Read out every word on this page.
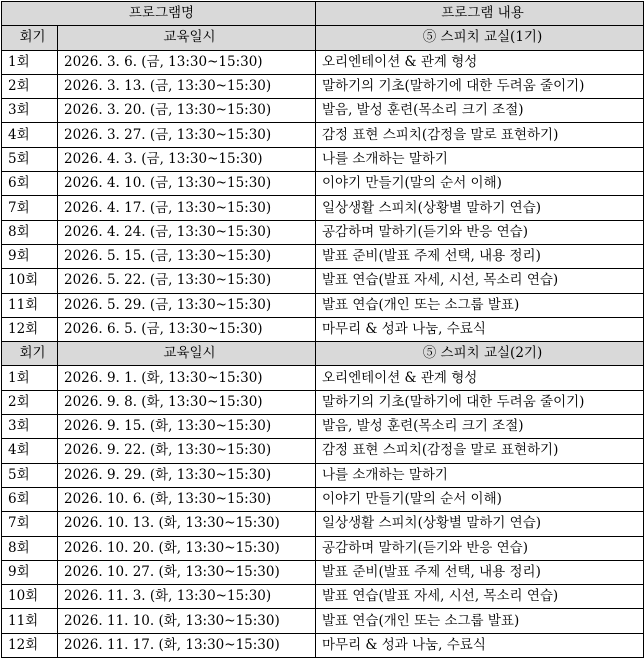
프로그램명		프로그램 내용
회기	교육일시	⑤ 스피치 교실(1기)
1회	2026. 3. 6. (금, 13:30~15:30)	오리엔테이션 & 관계 형성
2회	2026. 3. 13. (금, 13:30~15:30)	말하기의 기초(말하기에 대한 두려움 줄이기)
3회	2026. 3. 20. (금, 13:30~15:30)	발음, 발성 훈련(목소리 크기 조절)
4회	2026. 3. 27. (금, 13:30~15:30)	감정 표현 스피치(감정을 말로 표현하기)
5회	2026. 4. 3. (금, 13:30~15:30)	나를 소개하는 말하기
6회	2026. 4. 10. (금, 13:30~15:30)	이야기 만들기(말의 순서 이해)
7회	2026. 4. 17. (금, 13:30~15:30)	일상생활 스피치(상황별 말하기 연습)
8회	2026. 4. 24. (금, 13:30~15:30)	공감하며 말하기(듣기와 반응 연습)
9회	2026. 5. 15. (금, 13:30~15:30)	발표 준비(발표 주제 선택, 내용 정리)
10회	2026. 5. 22. (금, 13:30~15:30)	발표 연습(발표 자세, 시선, 목소리 연습)
11회	2026. 5. 29. (금, 13:30~15:30)	발표 연습(개인 또는 소그룹 발표)
12회	2026. 6. 5. (금, 13:30~15:30)	마무리 & 성과 나눔, 수료식
회기	교육일시	⑤ 스피치 교실(2기)
1회	2026. 9. 1. (화, 13:30~15:30)	오리엔테이션 & 관계 형성
2회	2026. 9. 8. (화, 13:30~15:30)	말하기의 기초(말하기에 대한 두려움 줄이기)
3회	2026. 9. 15. (화, 13:30~15:30)	발음, 발성 훈련(목소리 크기 조절)
4회	2026. 9. 22. (화, 13:30~15:30)	감정 표현 스피치(감정을 말로 표현하기)
5회	2026. 9. 29. (화, 13:30~15:30)	나를 소개하는 말하기
6회	2026. 10. 6. (화, 13:30~15:30)	이야기 만들기(말의 순서 이해)
7회	2026. 10. 13. (화, 13:30~15:30)	일상생활 스피치(상황별 말하기 연습)
8회	2026. 10. 20. (화, 13:30~15:30)	공감하며 말하기(듣기와 반응 연습)
9회	2026. 10. 27. (화, 13:30~15:30)	발표 준비(발표 주제 선택, 내용 정리)
10회	2026. 11. 3. (화, 13:30~15:30)	발표 연습(발표 자세, 시선, 목소리 연습)
11회	2026. 11. 10. (화, 13:30~15:30)	발표 연습(개인 또는 소그룹 발표)
12회	2026. 11. 17. (화, 13:30~15:30)	마무리 & 성과 나눔, 수료식
